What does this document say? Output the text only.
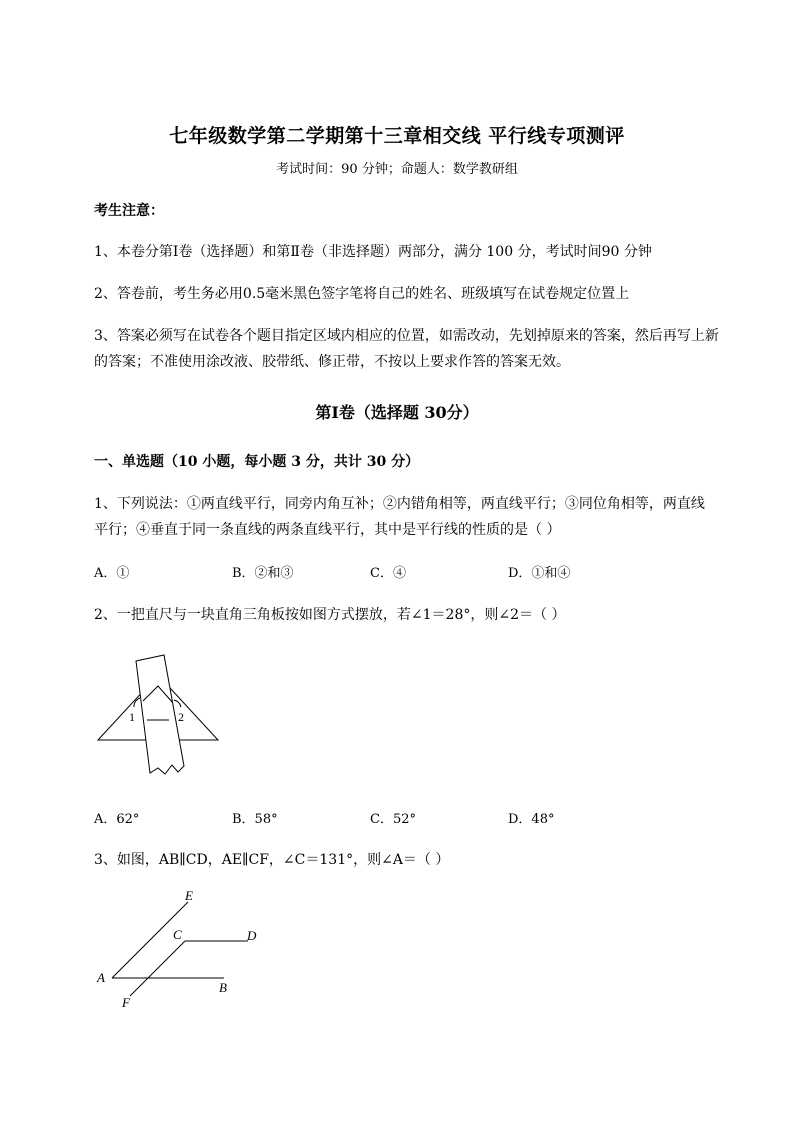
七年级数学第二学期第十三章相交线 平行线专项测评
考试时间：90 分钟；命题人：数学教研组
考生注意：
1、本卷分第Ⅰ卷（选择题）和第Ⅱ卷（非选择题）两部分，满分 100 分，考试时间90 分钟
2、答卷前，考生务必用0.5毫米黑色签字笔将自己的姓名、班级填写在试卷规定位置上
3、答案必须写在试卷各个题目指定区域内相应的位置，如需改动，先划掉原来的答案，然后再写上新
的答案；不准使用涂改液、胶带纸、修正带，不按以上要求作答的答案无效。
第Ⅰ卷（选择题 30分）
一、单选题（10 小题，每小题 3 分，共计 30 分）
1、下列说法：①两直线平行，同旁内角互补；②内错角相等，两直线平行；③同位角相等，两直线
平行；④垂直于同一条直线的两条直线平行，其中是平行线的性质的是（ ）
A．①	B．②和③	C．④	D．①和④
2、一把直尺与一块直角三角板按如图方式摆放，若∠1＝28°，则∠2＝（ ）
1	2
A．62°	B．58°	C．52°	D．48°
3、如图，AB∥CD，AE∥CF，∠C＝131°，则∠A＝（ ）
E
C	D
A
B
F
